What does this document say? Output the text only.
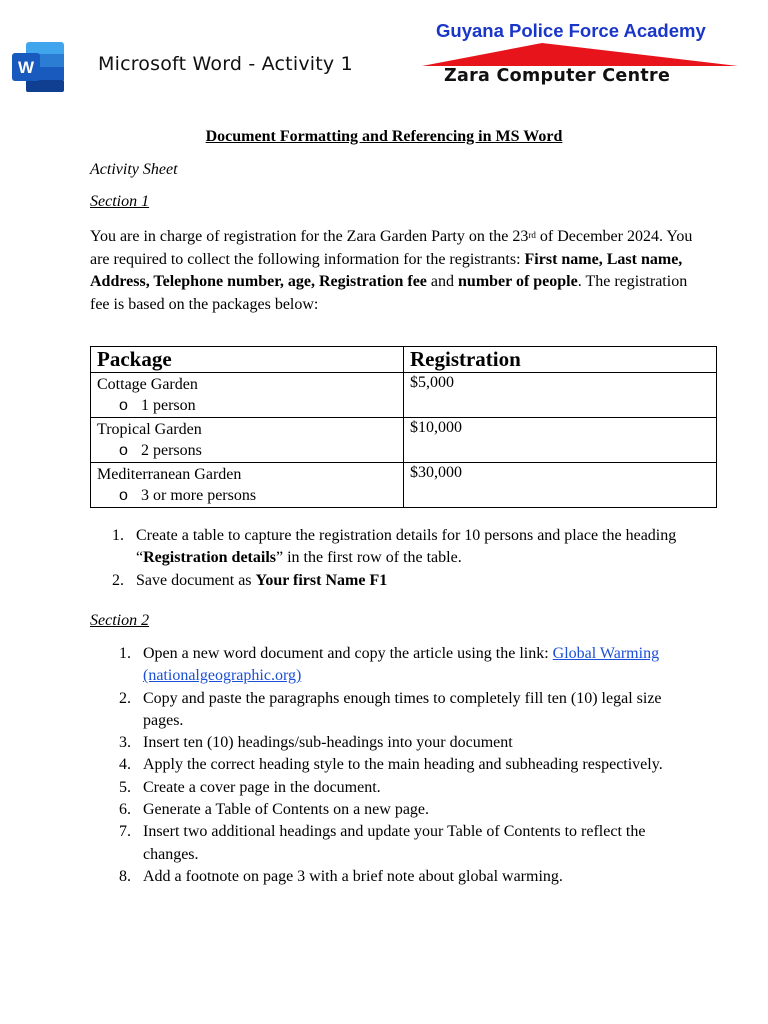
W	Microsoft Word - Activity 1
Guyana Police Force Academy
Zara Computer Centre
Document Formatting and Referencing in MS Word
Activity Sheet
Section 1
You are in charge of registration for the Zara Garden Party on the 23rd of December 2024. You are required to collect the following information for the registrants: First name, Last name, Address, Telephone number, age, Registration fee and number of people. The registration fee is based on the packages below:
Package	Registration

Cottage Garden
o 1 person	$5,000

Tropical Garden
o 2 persons	$10,000

Mediterranean Garden
o 3 or more persons	$30,000
1. Create a table to capture the registration details for 10 persons and place the heading “Registration details” in the first row of the table.
2. Save document as Your first Name F1
Section 2
1. Open a new word document and copy the article using the link: Global Warming (nationalgeographic.org)
2. Copy and paste the paragraphs enough times to completely fill ten (10) legal size pages.
3. Insert ten (10) headings/sub-headings into your document
4. Apply the correct heading style to the main heading and subheading respectively.
5. Create a cover page in the document.
6. Generate a Table of Contents on a new page.
7. Insert two additional headings and update your Table of Contents to reflect the changes.
8. Add a footnote on page 3 with a brief note about global warming.
